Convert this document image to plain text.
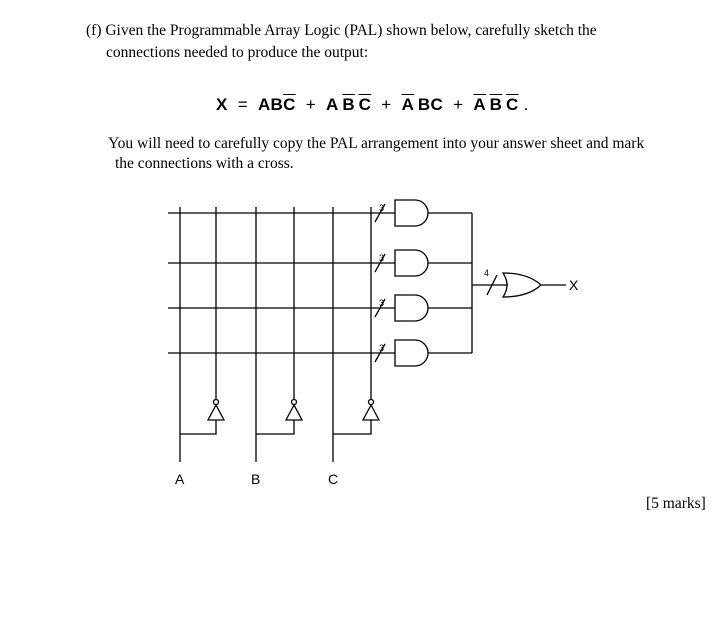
(f) Given the Programmable Array Logic (PAL) shown below, carefully sketch the
connections needed to produce the output:
$X = AB\overline{C} + A$  $\overline{B}$  $\overline{C} + \overline{A}$  BC + $\overline{A}$  $\overline{B}$  $\overline{C}$ .
You will need to carefully copy the PAL arrangement into your answer sheet and mark
the connections with a cross.
3
3
3
3
4
X
A	B	C
[5 marks]
